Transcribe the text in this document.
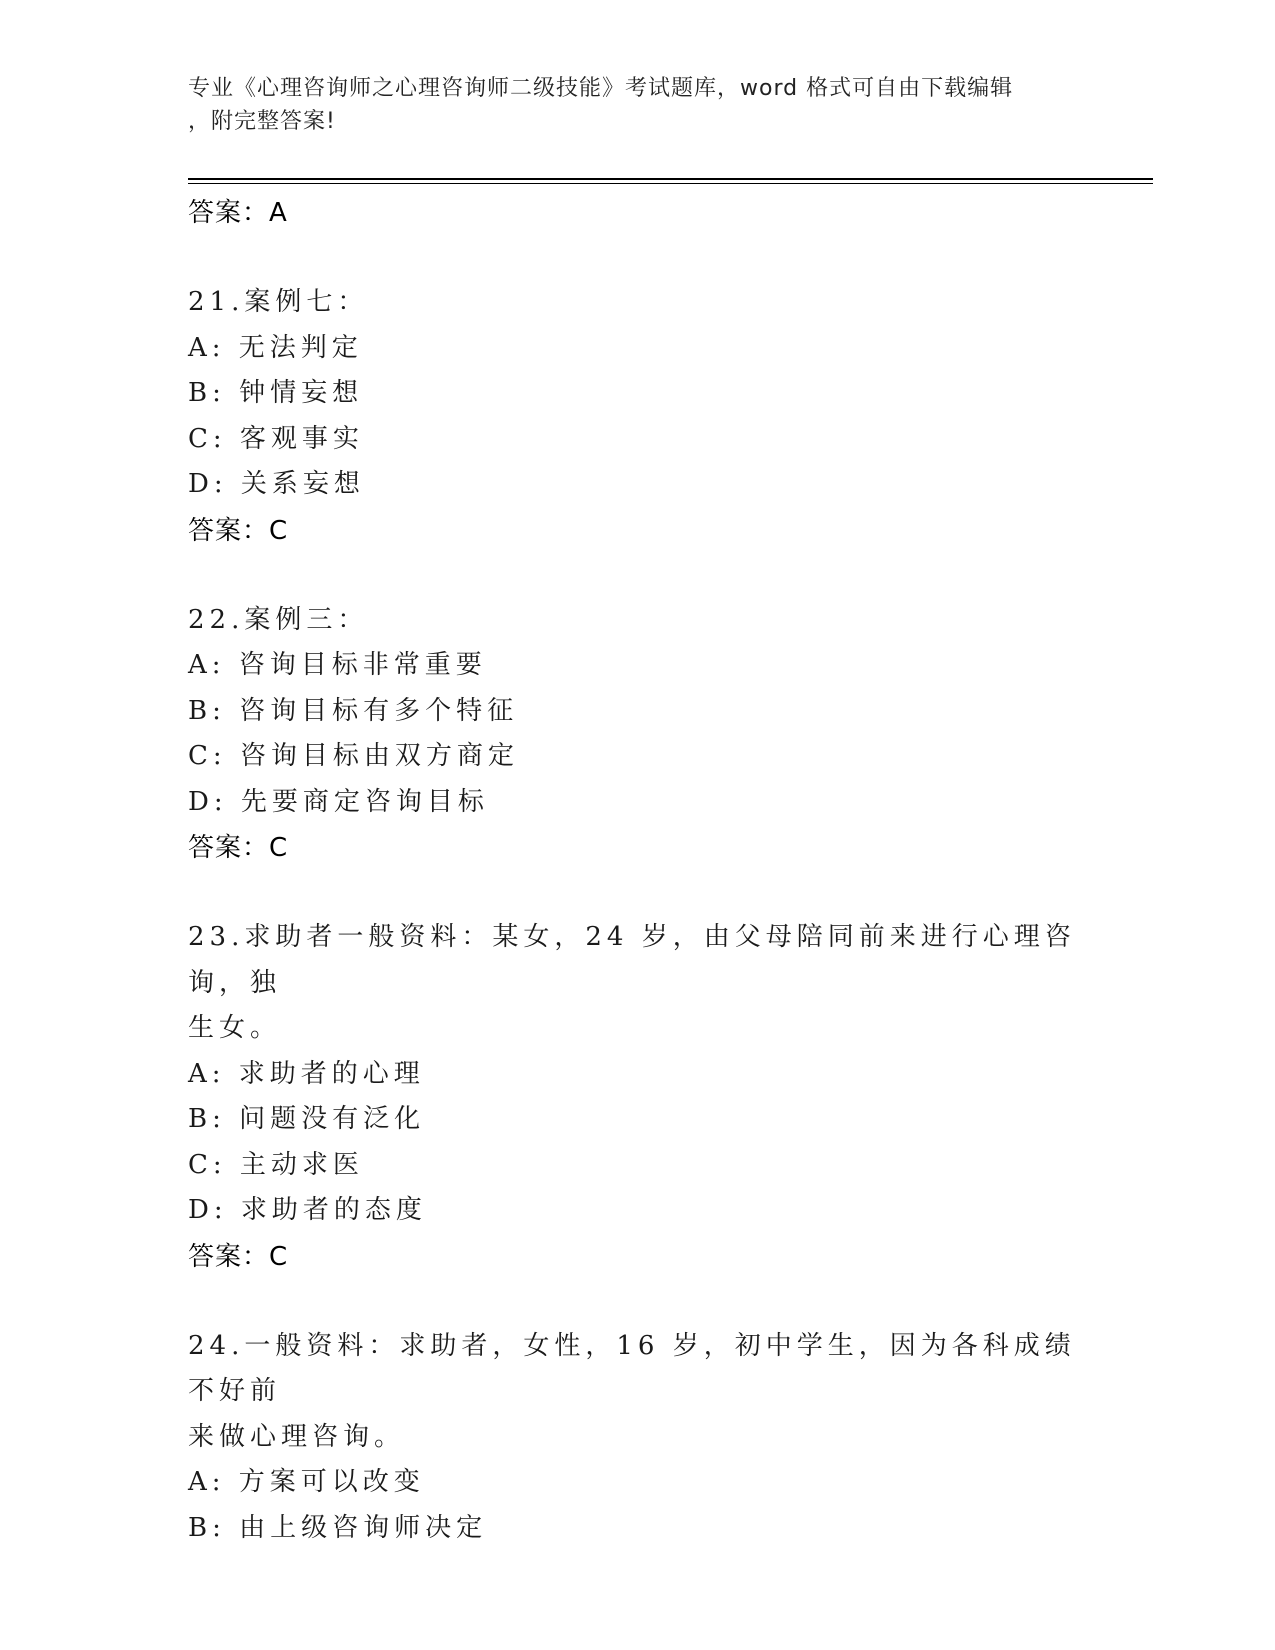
专业《心理咨询师之心理咨询师二级技能》考试题库，word 格式可自由下载编辑
，附完整答案!
答案：A
21.案例七：
A: 无法判定
B: 钟情妄想
C: 客观事实
D: 关系妄想
答案：C
22.案例三：
A: 咨询目标非常重要
B: 咨询目标有多个特征
C: 咨询目标由双方商定
D: 先要商定咨询目标
答案：C
23.求助者一般资料：某女，24 岁，由父母陪同前来进行心理咨询，独
生女。
A: 求助者的心理
B: 问题没有泛化
C: 主动求医
D: 求助者的态度
答案：C
24.一般资料：求助者，女性，16 岁，初中学生，因为各科成绩不好前
来做心理咨询。
A: 方案可以改变
B: 由上级咨询师决定
